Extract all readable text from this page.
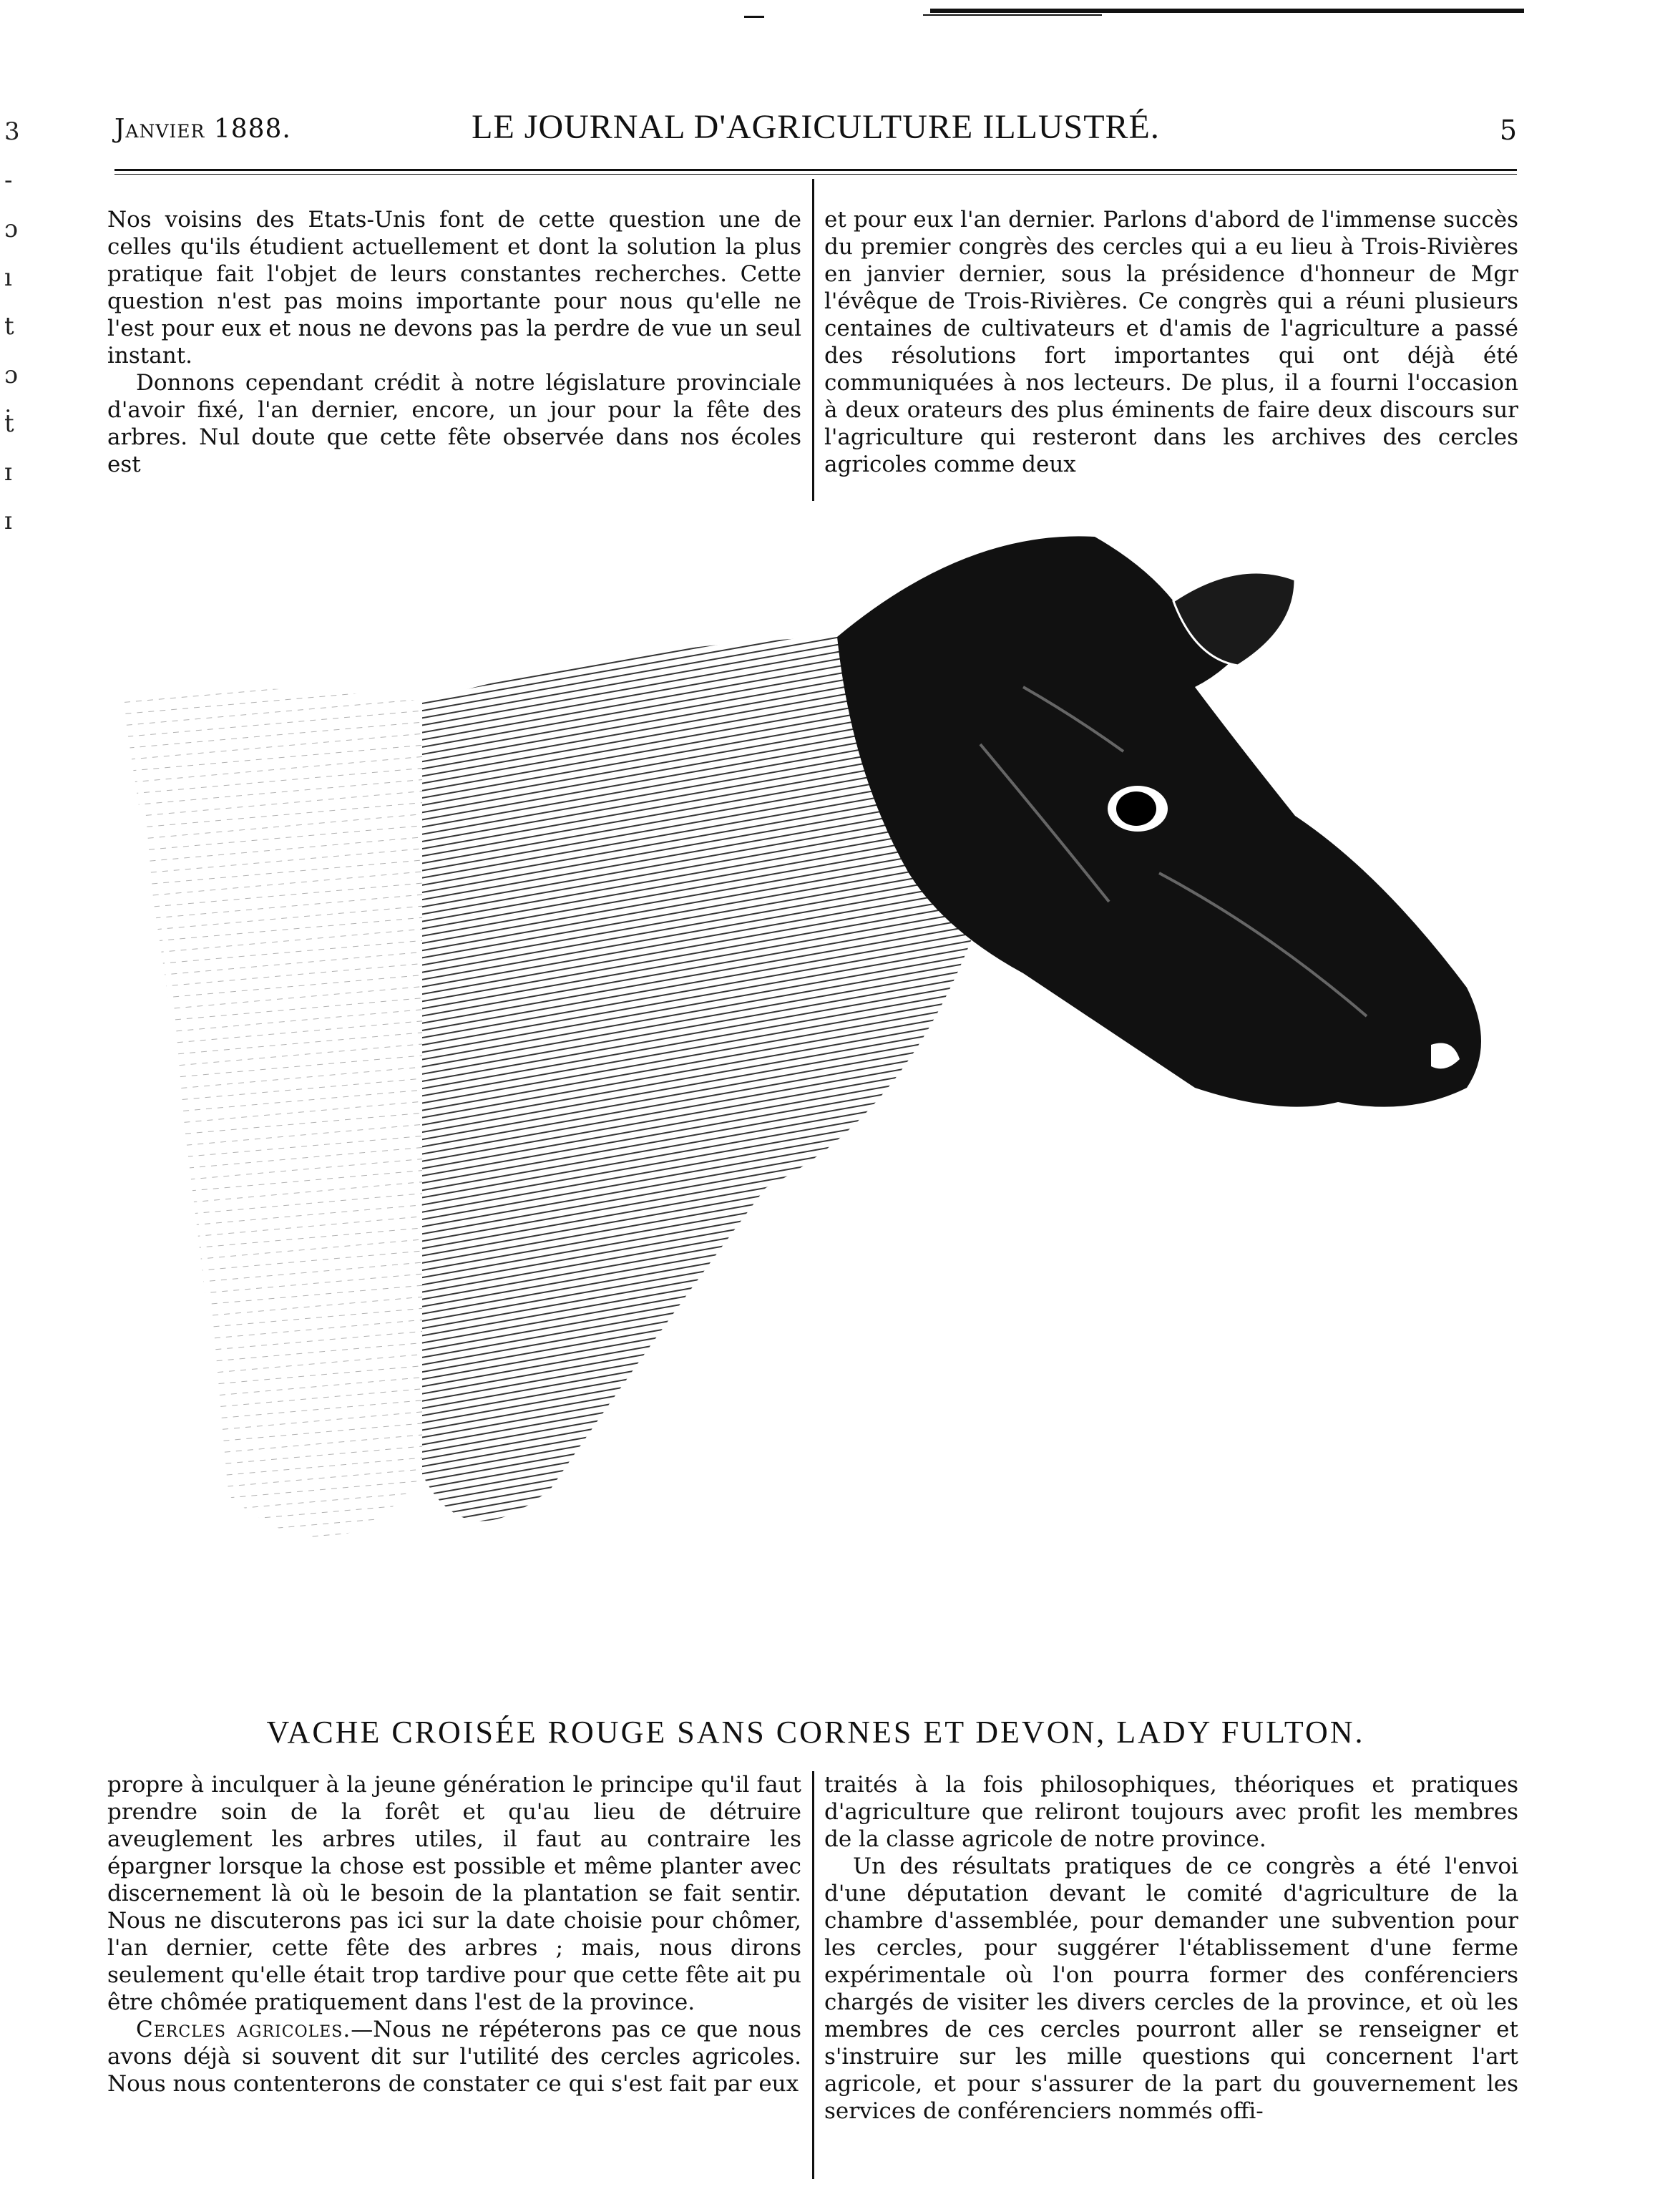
3
-
ɔ
ı
t
ɔ
ṫ
ɪ
ɪ
Janvier 1888.	LE JOURNAL D'AGRICULTURE ILLUSTRÉ.	5

Nos voisins des Etats-Unis font de cette question une de celles qu'ils étudient actuellement et dont la solution la plus pratique fait l'objet de leurs constantes recherches. Cette question n'est pas moins importante pour nous qu'elle ne l'est pour eux et nous ne devons pas la perdre de vue un seul instant.

Donnons cependant crédit à notre législature provinciale d'avoir fixé, l'an dernier, encore, un jour pour la fête des arbres. Nul doute que cette fête observée dans nos écoles est

et pour eux l'an dernier. Parlons d'abord de l'immense succès du premier congrès des cercles qui a eu lieu à Trois-Rivières en janvier dernier, sous la présidence d'honneur de Mgr l'évêque de Trois-Rivières. Ce congrès qui a réuni plusieurs centaines de cultivateurs et d'amis de l'agriculture a passé des résolutions fort importantes qui ont déjà été communiquées à nos lecteurs. De plus, il a fourni l'occasion à deux orateurs des plus éminents de faire deux discours sur l'agriculture qui resteront dans les archives des cercles agricoles comme deux

VACHE CROISÉE ROUGE SANS CORNES ET DEVON, LADY FULTON.

propre à inculquer à la jeune génération le principe qu'il faut prendre soin de la forêt et qu'au lieu de détruire aveuglement les arbres utiles, il faut au contraire les épargner lorsque la chose est possible et même planter avec discernement là où le besoin de la plantation se fait sentir. Nous ne discuterons pas ici sur la date choisie pour chômer, l'an dernier, cette fête des arbres ; mais, nous dirons seulement qu'elle était trop tardive pour que cette fête ait pu être chômée pratiquement dans l'est de la province.

Cercles agricoles.—Nous ne répéterons pas ce que nous avons déjà si souvent dit sur l'utilité des cercles agricoles. Nous nous contenterons de constater ce qui s'est fait par eux

traités à la fois philosophiques, théoriques et pratiques d'agriculture que reliront toujours avec profit les membres de la classe agricole de notre province.

Un des résultats pratiques de ce congrès a été l'envoi d'une députation devant le comité d'agriculture de la chambre d'assemblée, pour demander une subvention pour les cercles, pour suggérer l'établissement d'une ferme expérimentale où l'on pourra former des conférenciers chargés de visiter les divers cercles de la province, et où les membres de ces cercles pourront aller se renseigner et s'instruire sur les mille questions qui concernent l'art agricole, et pour s'assurer de la part du gouvernement les services de conférenciers nommés offi-
